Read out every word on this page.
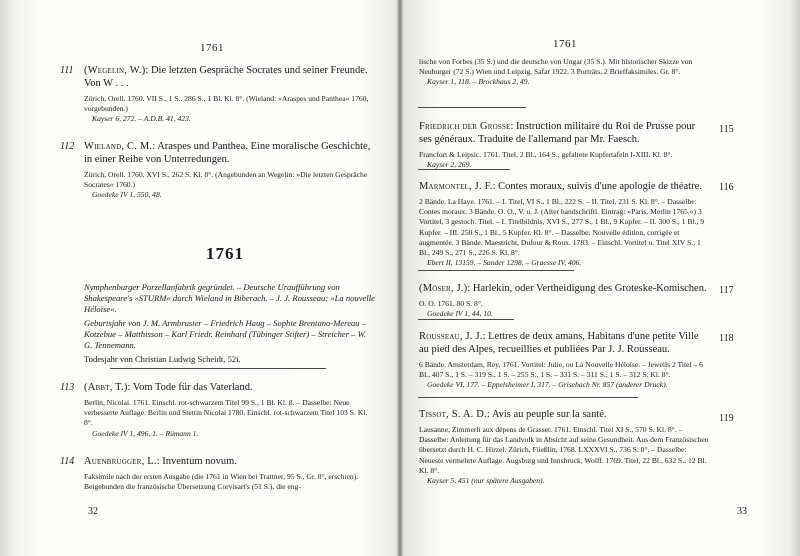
1761
111 (Wegelin, W.): Die letzten Gespräche Socrates und seiner Freunde. Von W . . .
Zürich, Orell. 1760. VII S., 1 S., 286 S., 1 Bl. Kl. 8°. (Wieland: »Araspes und Panthea« 1760, vorgebunden.)
Kayser 6, 272. – A.D.B. 41, 423.
112 Wieland, C. M.: Araspes und Panthea. Eine moralische Geschichte, in einer Reihe von Unterredungen.
Zürich, Orell. 1760. XVI S., 262 S. Kl. 8°. (Angebunden an Wegelin: »Die letzten Gespräche Socrates« 1760.)
Goedeke IV 1, 550, 48.
1761

Nymphenburger Porzellanfabrik gegründet. – Deutsche Uraufführung von Shakespeare's »STURM« durch Wieland in Biberach. – J. J. Rousseau: »La nouvelle Héloïse«.

Geburtsjahr von J. M. Armbruster – Friedrich Haug – Sophie Brentano-Mereau – Kotzebue – Matthisson – Karl Friedr. Reinhard (Tübinger Stifter) – Streicher – W. G. Tennemann.

Todesjahr von Christian Ludwig Scheidt, 52i.

113 (Abbt, T.): Vom Tode für das Vaterland.
Berlin, Nicolai. 1761. Einschl. rot-schwarzem Titel 99 S., 1 Bl. Kl. 8. – Dasselbe: Neue verbesserte Auflage. Berlin und Stettin Nicolai 1780. Einschl. rot-schwarzem Titel 103 S. Kl. 8°.
Goedeke IV 1, 496, 1. – Rümann 1.
114 Auenbrugger, L.: Inventum novum.
Faksimile nach der ersten Ausgabe (die 1761 in Wien bei Trattner, 95 S., Gr. 8°, erschien). Beigebunden die französische Übersetzung Corvisart's (51 S.), die eng-
32
1761
lische von Forbes (35 S.) und die deutsche von Ungar (35 S.). Mit historischer Skizze von Neuburger (72 S.) Wien und Leipzig, Safar 1922. 3 Porträts, 2 Brieffaksimiles. Gr. 8°.
Kayser 1, 118. – Brockhaus 2, 49.
115
Friedrich der Grosse: Instruction militaire du Roi de Prusse pour ses généraux. Traduite de l'allemand par Mr. Faesch.
Francfort & Leipsic. 1761. Titel, 2 Bl., 164 S., gefaltete Kupfertafeln I-XIII. Kl. 8°.
Kayser 2, 269.
116
Marmontel, J. F.: Contes moraux, suivis d'une apologie de théatre.
2 Bände. La Haye. 1761. – I. Titel, VI S., 1 Bl., 222 S. – II. Titel, 231 S. Kl. 8°. – Dasselbe: Contes moraux. 3 Bände. O. O., V. u. J. (Alter handschriftl. Eintrag: »Paris, Merlin 1765.«) 3 Vortitel, 3 gestoch. Titel. – I. Titelbildnis, XVI S., 277 S., 1 Bl., 9 Kupfer. – II. 300 S., 1 Bl., 9 Kupfer. – III. 250 S., 1 Bl., 5 Kupfer. Kl. 8°. – Dasselbe: Nouvelle édition, corrigée et augmentée. 3 Bände. Maestricht, Dufour & Roux. 1783. – Einschl. Vortitel u. Titel XIV S., 1 Bl., 249 S., 271 S., 226 S. Kl. 8°.
Ebert II, 13159. – Sander 1298. – Graesse IV, 406.
117
(Möser, J.): Harlekin, oder Vertheidigung des Groteske-Komischen.
O. O. 1761. 80 S. 8°.
Goedeke IV 1, 44, 10.
118
Rousseau, J. J.: Lettres de deux amans, Habitans d'une petite Ville au pied des Alpes, recueillies et publiées Par J. J. Rousseau.
6 Bände. Amsterdam, Rey, 1761. Vortitel: Julie, ou La Nouvelle Héloïse. – Jeweils 2 Titel – 6 Bl., 407 S., 1 S. – 319 S., 1 S. – 255 S., 1 S. – 331 S. – 311 S., 1 S. – 312 S. Kl. 8°.
Goedeke VI, 177. – Eppelsheimer I, 317. – Grisebach Nr. 857 (anderer Druck).
119
Tissot, S. A. D.: Avis au peuple sur la santé.
Lausanne, Zimmerli aux dépens de Grasset. 1761. Einschl. Titel XI S., 570 S. Kl. 8°. – Dasselbe: Anleitung für das Landvolk in Absicht auf seine Gesundheit. Aus dem Französischen übersetzt durch H. C. Hirzel. Zürich, Füeßlin, 1768. LXXXVI S., 736 S. 8°. – Dasselbe: Neueste vermehrte Auflage. Augsburg und Innsbruck, Wolff. 1769. Titel, 22 Bl., 632 S., 12 Bl. Kl. 8°.
Kayser 5, 451 (nur spätere Ausgaben).
33
